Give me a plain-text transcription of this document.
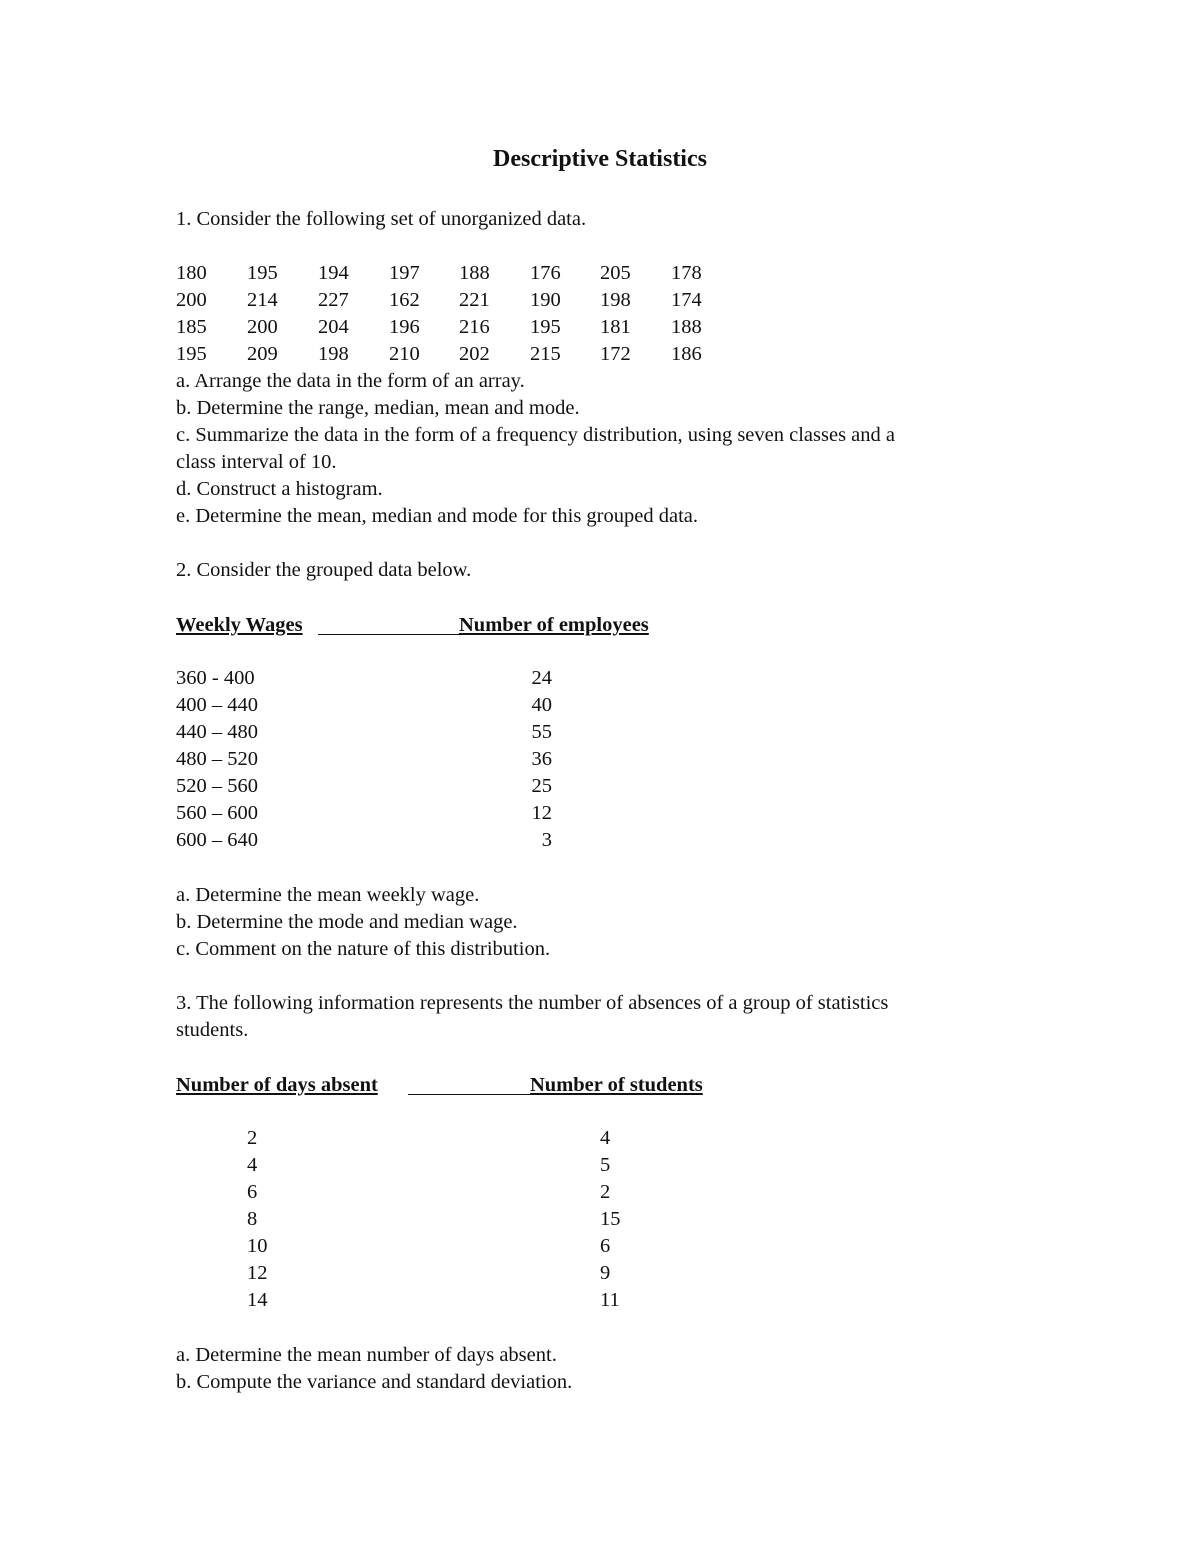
Descriptive Statistics
1. Consider the following set of unorganized data.
180 195 194 197 188 176 205 178
200 214 227 162 221 190 198 174
185 200 204 196 216 195 181 188
195 209 198 210 202 215 172 186
a. Arrange the data in the form of an array.
b. Determine the range, median, mean and mode.
c. Summarize the data in the form of a frequency distribution, using seven classes and a
class interval of 10.
d. Construct a histogram.
e. Determine the mean, median and mode for this grouped data.
2. Consider the grouped data below.
Weekly Wages	Number of employees
360 - 400	24
400 – 440	40
440 – 480	55
480 – 520	36
520 – 560	25
560 – 600	12
600 – 640	3
a. Determine the mean weekly wage.
b. Determine the mode and median wage.
c. Comment on the nature of this distribution.
3. The following information represents the number of absences of a group of statistics
students.
Number of days absent	Number of students
2	4
4	5
6	2
8	15
10	6
12	9
14	11
a. Determine the mean number of days absent.
b. Compute the variance and standard deviation.
